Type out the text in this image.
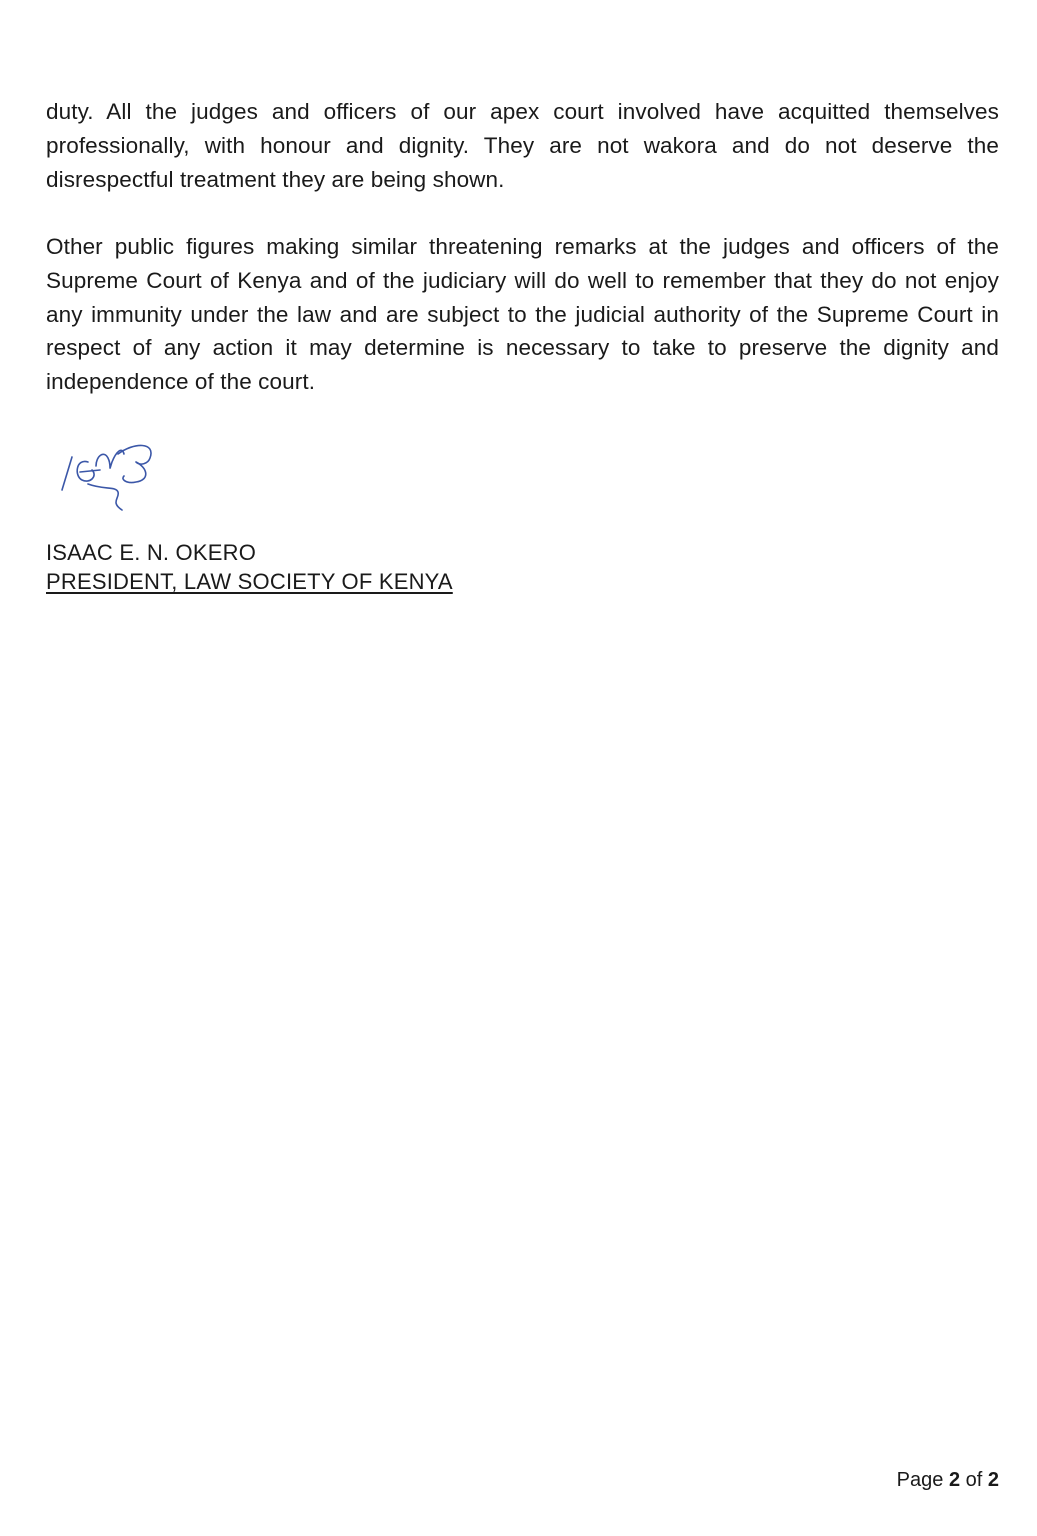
duty. All the judges and officers of our apex court involved have acquitted themselves professionally, with honour and dignity. They are not wakora and do not deserve the disrespectful treatment they are being shown.

Other public figures making similar threatening remarks at the judges and officers of the Supreme Court of Kenya and of the judiciary will do well to remember that they do not enjoy any immunity under the law and are subject to the judicial authority of the Supreme Court in respect of any action it may determine is necessary to take to preserve the dignity and independence of the court.

ISAAC E. N. OKERO

PRESIDENT, LAW SOCIETY OF KENYA

Page 2 of 2
